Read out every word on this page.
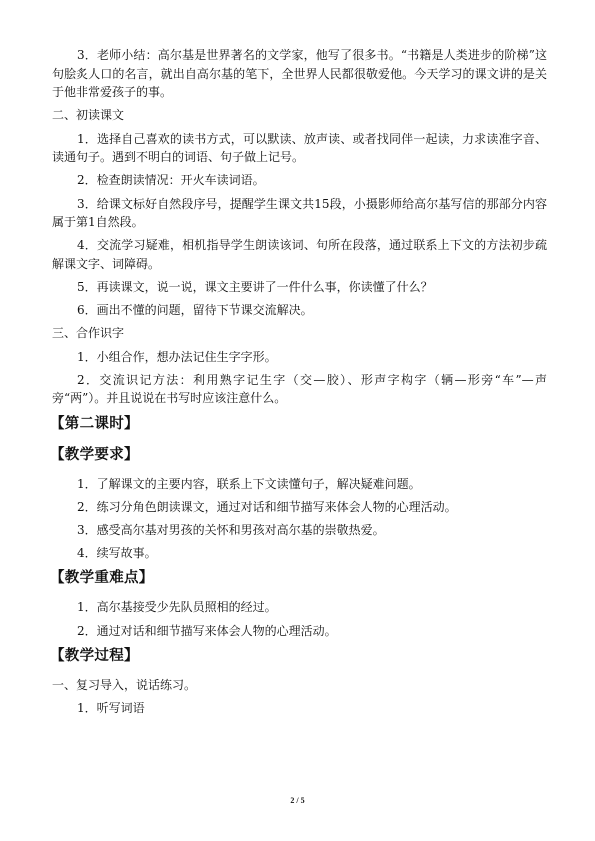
3．老师小结：高尔基是世界著名的文学家，他写了很多书。“书籍是人类进步的阶梯”这句脍炙人口的名言，就出自高尔基的笔下，全世界人民都很敬爱他。今天学习的课文讲的是关于他非常爱孩子的事。
二、初读课文
1．选择自己喜欢的读书方式，可以默读、放声读、或者找同伴一起读，力求读准字音、读通句子。遇到不明白的词语、句子做上记号。
2．检查朗读情况：开火车读词语。
3．给课文标好自然段序号，提醒学生课文共15段，小摄影师给高尔基写信的那部分内容属于第1自然段。
4．交流学习疑难，相机指导学生朗读该词、句所在段落，通过联系上下文的方法初步疏解课文字、词障碍。
5．再读课文，说一说，课文主要讲了一件什么事，你读懂了什么？
6．画出不懂的问题，留待下节课交流解决。
三、合作识字
1．小组合作，想办法记住生字字形。
2．交流识记方法：利用熟字记生字（交—胶）、形声字构字（辆—形旁“车”—声旁“两”）。并且说说在书写时应该注意什么。
【第二课时】
【教学要求】
1．了解课文的主要内容，联系上下文读懂句子，解决疑难问题。
2．练习分角色朗读课文，通过对话和细节描写来体会人物的心理活动。
3．感受高尔基对男孩的关怀和男孩对高尔基的崇敬热爱。
4．续写故事。
【教学重难点】
1．高尔基接受少先队员照相的经过。
2．通过对话和细节描写来体会人物的心理活动。
【教学过程】
一、复习导入，说话练习。
1．听写词语
2 / 5
